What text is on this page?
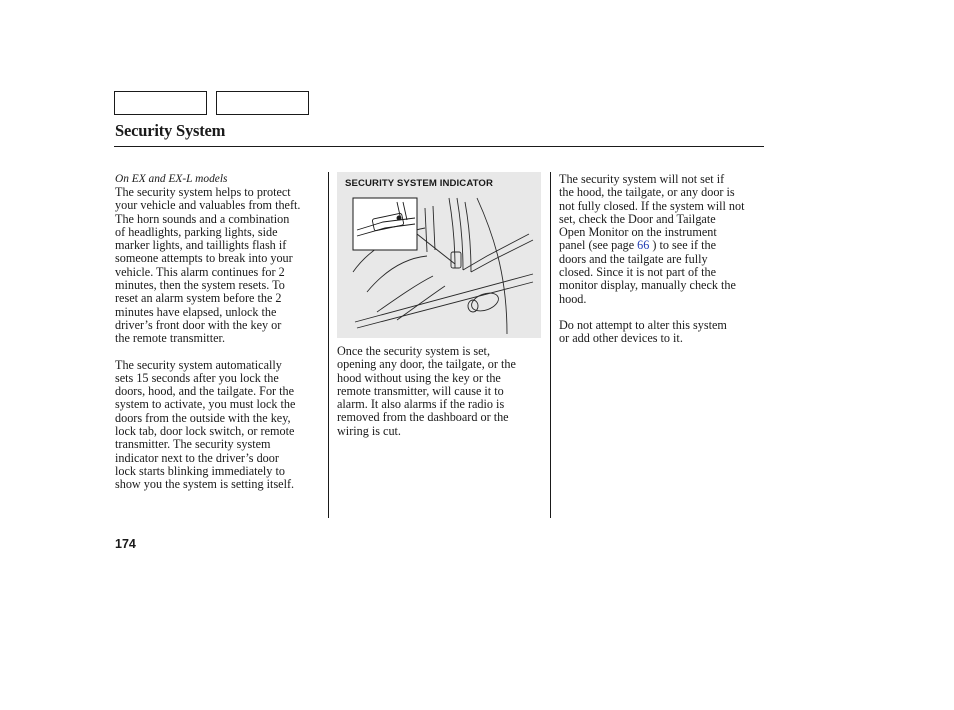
Security System

On EX and EX-L models

The security system helps to protect

your vehicle and valuables from theft.

The horn sounds and a combination

of headlights, parking lights, side

marker lights, and taillights flash if

someone attempts to break into your

vehicle. This alarm continues for 2

minutes, then the system resets. To

reset an alarm system before the 2

minutes have elapsed, unlock the

driver’s front door with the key or

the remote transmitter.

The security system automatically

sets 15 seconds after you lock the

doors, hood, and the tailgate. For the

system to activate, you must lock the

doors from the outside with the key,

lock tab, door lock switch, or remote

transmitter. The security system

indicator next to the driver’s door

lock starts blinking immediately to

show you the system is setting itself.

SECURITY SYSTEM INDICATOR

Once the security system is set,

opening any door, the tailgate, or the

hood without using the key or the

remote transmitter, will cause it to

alarm. It also alarms if the radio is

removed from the dashboard or the

wiring is cut.

The security system will not set if

the hood, the tailgate, or any door is

not fully closed. If the system will not

set, check the Door and Tailgate

Open Monitor on the instrument

panel (see page 66 ) to see if the

doors and the tailgate are fully

closed. Since it is not part of the

monitor display, manually check the

hood.

Do not attempt to alter this system

or add other devices to it.

174
